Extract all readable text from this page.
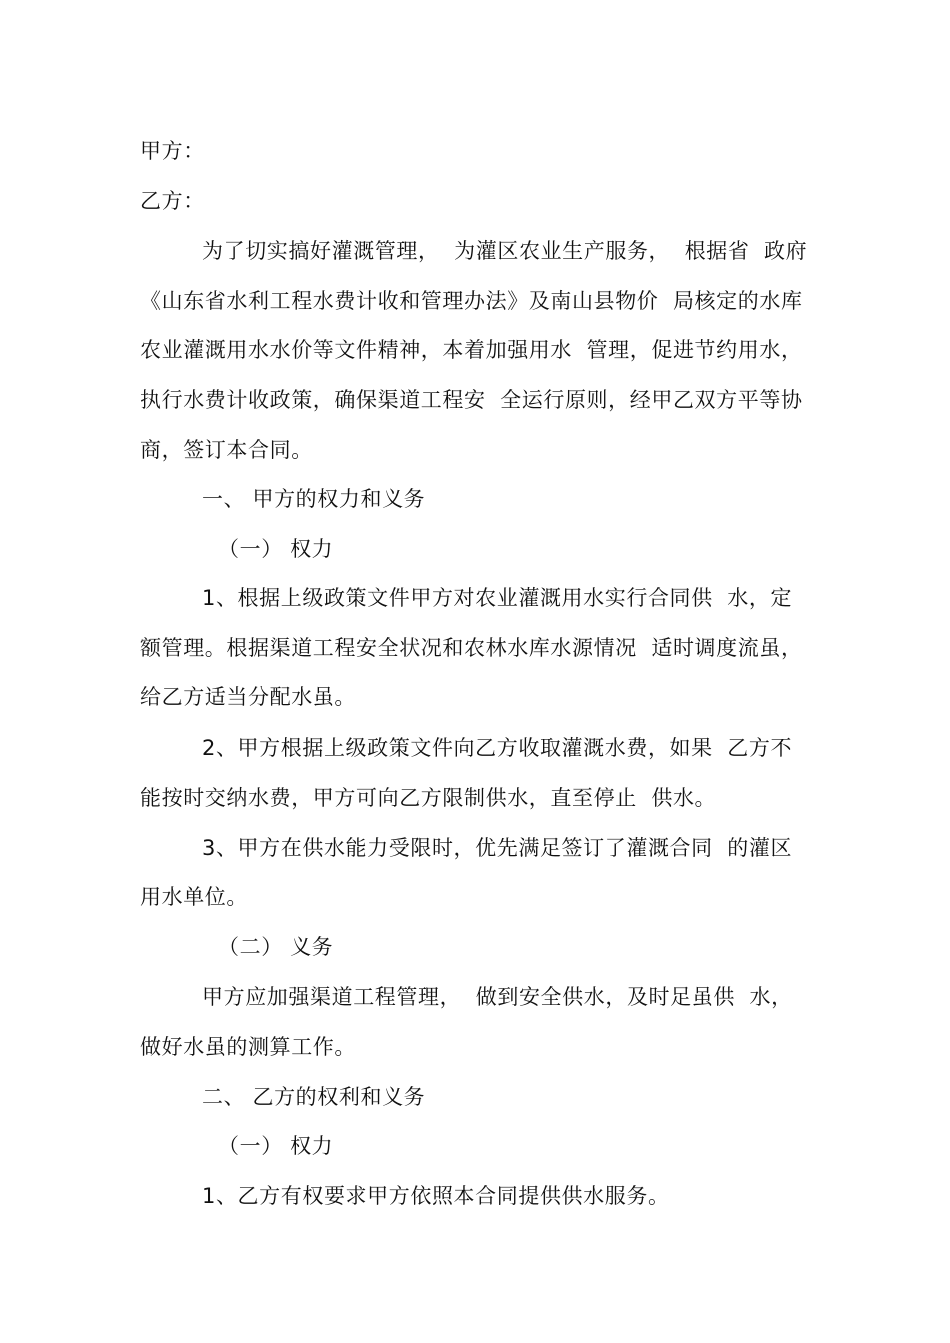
甲方：
乙方：
为了切实搞好灌溉管理，  为灌区农业生产服务，  根据省  政府
《山东省水利工程水费计收和管理办法》及南山县物价  局核定的水库
农业灌溉用水水价等文件精神，本着加强用水  管理，促进节约用水，
执行水费计收政策，确保渠道工程安  全运行原则，经甲乙双方平等协
商，签订本合同。
一、 甲方的权力和义务
（一） 权力
1、根据上级政策文件甲方对农业灌溉用水实行合同供  水，定
额管理。根据渠道工程安全状况和农林水库水源情况  适时调度流虽，
给乙方适当分配水虽。
2、甲方根据上级政策文件向乙方收取灌溉水费，如果  乙方不
能按时交纳水费，甲方可向乙方限制供水，直至停止  供水。
3、甲方在供水能力受限时，优先满足签订了灌溉合同  的灌区
用水单位。
（二） 义务
甲方应加强渠道工程管理，  做到安全供水，及时足虽供  水，
做好水虽的测算工作。
二、 乙方的权利和义务
（一） 权力
1、乙方有权要求甲方依照本合同提供供水服务。
